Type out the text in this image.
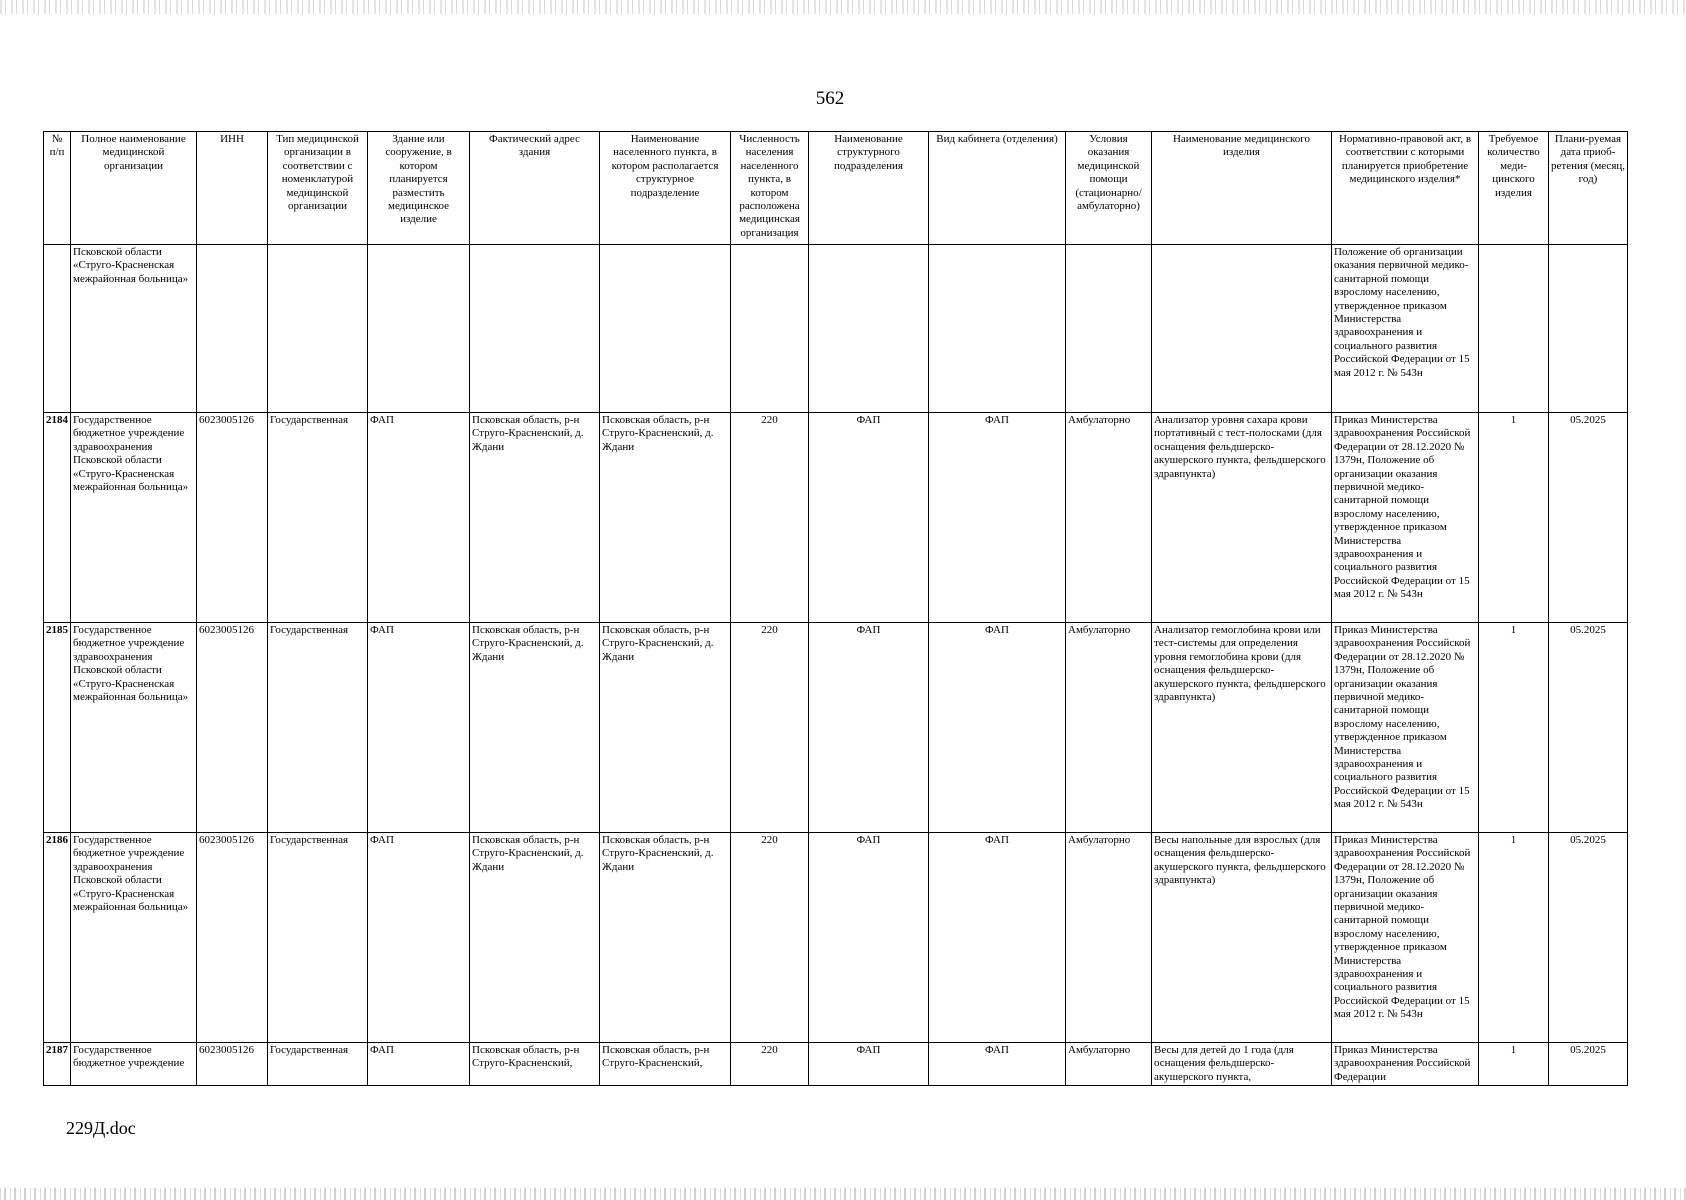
562
№ п/п	Полное наименование медицинской организации	ИНН	Тип медицинской организации в соответствии с номенклатурой медицинской организации	Здание или сооружение, в котором планируется разместить медицинское изделие	Фактический адрес здания	Наименование населенного пункта, в котором располагается структурное подразделение	Численность населения населенного пункта, в котором расположена медицинская организация	Наименование структурного подразделения	Вид кабинета (отделения)	Условия оказания медицинской помощи (стационарно/ амбулаторно)	Наименование медицинского изделия	Нормативно-правовой акт, в соответствии с которыми планируется приобретение медицинского изделия*	Требуемое количество меди-цинского изделия	Плани-руемая дата приоб-ретения (месяц, год)
	Псковской области «Струго-Красненская межрайонная больница»											Положение об организации оказания первичной медико-санитарной помощи взрослому населению, утвержденное приказом Министерства здравоохранения и социального развития Российской Федерации от 15 мая 2012 г. № 543н		
2184	Государственное бюджетное учреждение здравоохранения Псковской области «Струго-Красненская межрайонная больница»	6023005126	Государственная	ФАП	Псковская область, р-н Струго-Красненский, д. Ждани	Псковская область, р-н Струго-Красненский, д. Ждани	220	ФАП	ФАП	Амбулаторно	Анализатор уровня сахара крови портативный с тест-полосками (для оснащения фельдшерско-акушерского пункта, фельдшерского здравпункта)	Приказ Министерства здравоохранения Российской Федерации от 28.12.2020 № 1379н, Положение об организации оказания первичной медико-санитарной помощи взрослому населению, утвержденное приказом Министерства здравоохранения и социального развития Российской Федерации от 15 мая 2012 г. № 543н	1	05.2025
2185	Государственное бюджетное учреждение здравоохранения Псковской области «Струго-Красненская межрайонная больница»	6023005126	Государственная	ФАП	Псковская область, р-н Струго-Красненский, д. Ждани	Псковская область, р-н Струго-Красненский, д. Ждани	220	ФАП	ФАП	Амбулаторно	Анализатор гемоглобина крови или тест-системы для определения уровня гемоглобина крови (для оснащения фельдшерско-акушерского пункта, фельдшерского здравпункта)	Приказ Министерства здравоохранения Российской Федерации от 28.12.2020 № 1379н, Положение об организации оказания первичной медико-санитарной помощи взрослому населению, утвержденное приказом Министерства здравоохранения и социального развития Российской Федерации от 15 мая 2012 г. № 543н	1	05.2025
2186	Государственное бюджетное учреждение здравоохранения Псковской области «Струго-Красненская межрайонная больница»	6023005126	Государственная	ФАП	Псковская область, р-н Струго-Красненский, д. Ждани	Псковская область, р-н Струго-Красненский, д. Ждани	220	ФАП	ФАП	Амбулаторно	Весы напольные для взрослых (для оснащения фельдшерско-акушерского пункта, фельдшерского здравпункта)	Приказ Министерства здравоохранения Российской Федерации от 28.12.2020 № 1379н, Положение об организации оказания первичной медико-санитарной помощи взрослому населению, утвержденное приказом Министерства здравоохранения и социального развития Российской Федерации от 15 мая 2012 г. № 543н	1	05.2025
2187	Государственное бюджетное учреждение	6023005126	Государственная	ФАП	Псковская область, р-н Струго-Красненский,	Псковская область, р-н Струго-Красненский,	220	ФАП	ФАП	Амбулаторно	Весы для детей до 1 года (для оснащения фельдшерско-акушерского пункта,	Приказ Министерства здравоохранения Российской Федерации	1	05.2025
229Д.doc
